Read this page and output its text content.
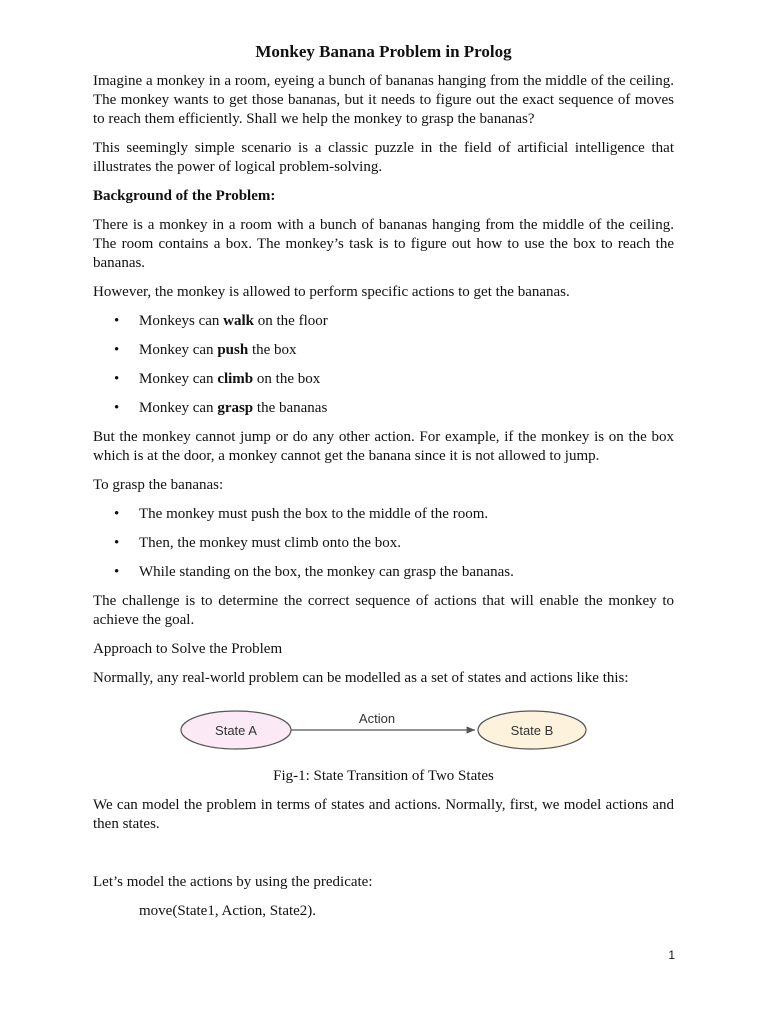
Monkey Banana Problem in Prolog

Imagine a monkey in a room, eyeing a bunch of bananas hanging from the middle of the ceiling. The monkey wants to get those bananas, but it needs to figure out the exact sequence of moves to reach them efficiently. Shall we help the monkey to grasp the bananas?

This seemingly simple scenario is a classic puzzle in the field of artificial intelligence that illustrates the power of logical problem-solving.

Background of the Problem:

There is a monkey in a room with a bunch of bananas hanging from the middle of the ceiling. The room contains a box. The monkey’s task is to figure out how to use the box to reach the bananas.

However, the monkey is allowed to perform specific actions to get the bananas.

• Monkeys can walk on the floor
• Monkey can push the box
• Monkey can climb on the box
• Monkey can grasp the bananas

But the monkey cannot jump or do any other action. For example, if the monkey is on the box which is at the door, a monkey cannot get the banana since it is not allowed to jump.

To grasp the bananas:

• The monkey must push the box to the middle of the room.
• Then, the monkey must climb onto the box.
• While standing on the box, the monkey can grasp the bananas.

The challenge is to determine the correct sequence of actions that will enable the monkey to achieve the goal.

Approach to Solve the Problem

Normally, any real-world problem can be modelled as a set of states and actions like this:

State A
Action
State B

Fig-1: State Transition of Two States

We can model the problem in terms of states and actions. Normally, first, we model actions and then states.

Let’s model the actions by using the predicate:

move(State1, Action, State2).

1
